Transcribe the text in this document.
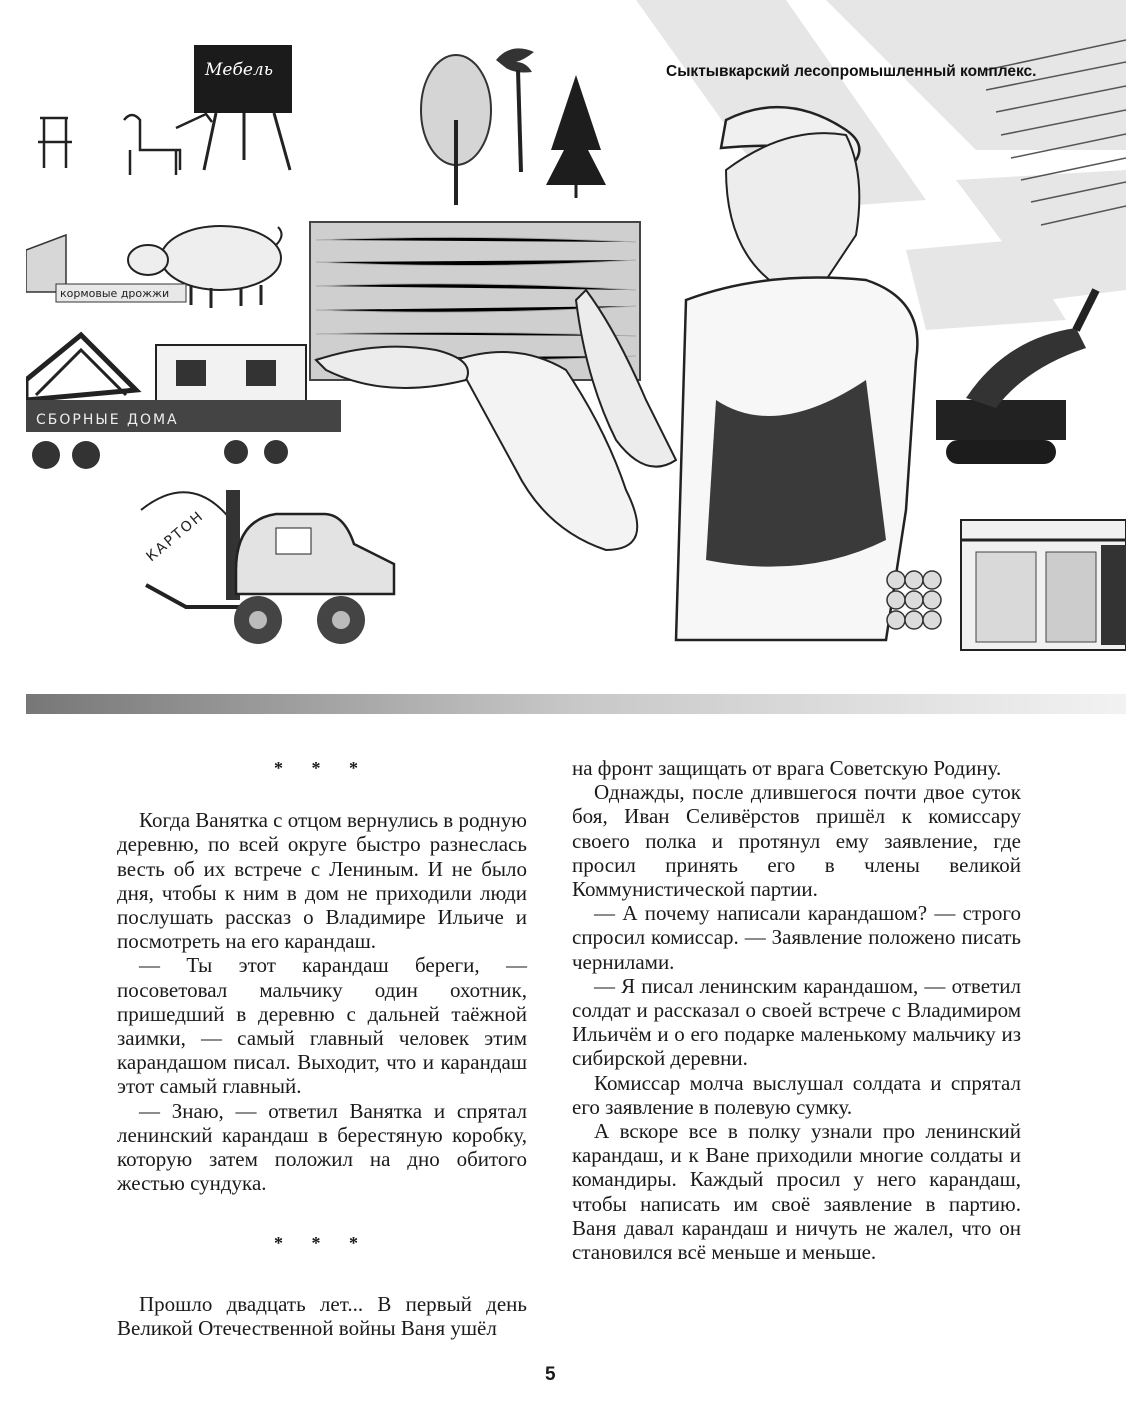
Сыктывкарский лесопромышленный комплекс.
Мебель
кормовые дрожжи
СБОРНЫЕ ДОМА
КАРТОН

* * *

Когда Ванятка с отцом вернулись в родную деревню, по всей округе быстро разнеслась весть об их встрече с Лениным. И не было дня, чтобы к ним в дом не приходили люди послушать рассказ о Владимире Ильиче и посмотреть на его карандаш.

— Ты этот карандаш береги, — посоветовал мальчику один охотник, пришедший в деревню с дальней таёжной заимки, — самый главный человек этим карандашом писал. Выходит, что и карандаш этот самый главный.

— Знаю, — ответил Ванятка и спрятал ленинский карандаш в берестяную коробку, которую затем положил на дно обитого жестью сундука.

* * *

Прошло двадцать лет... В первый день Великой Отечественной войны Ваня ушёл

на фронт защищать от врага Советскую Родину.

Однажды, после длившегося почти двое суток боя, Иван Селивёрстов пришёл к комиссару своего полка и протянул ему заявление, где просил принять его в члены великой Коммунистической партии.

— А почему написали карандашом? — строго спросил комиссар. — Заявление положено писать чернилами.

— Я писал ленинским карандашом, — ответил солдат и рассказал о своей встрече с Владимиром Ильичём и о его подарке маленькому мальчику из сибирской деревни.

Комиссар молча выслушал солдата и спрятал его заявление в полевую сумку.

А вскоре все в полку узнали про ленинский карандаш, и к Ване приходили многие солдаты и командиры. Каждый просил у него карандаш, чтобы написать им своё заявление в партию. Ваня давал карандаш и ничуть не жалел, что он становился всё меньше и меньше.

5
